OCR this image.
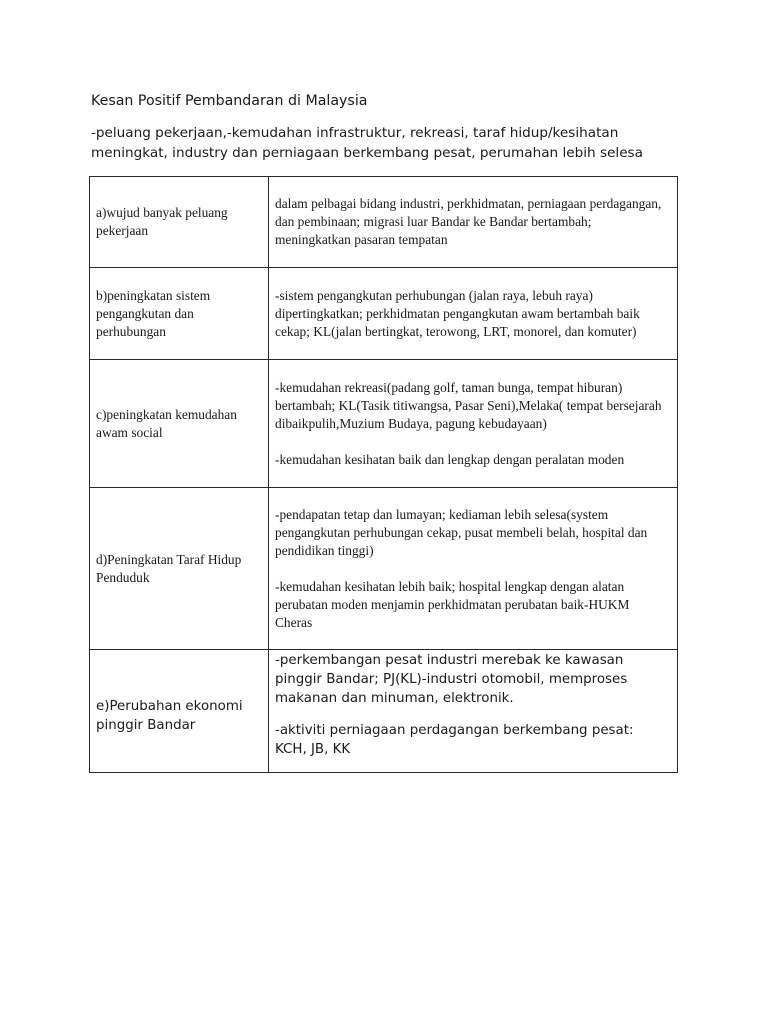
Kesan Positif Pembandaran di Malaysia
-peluang pekerjaan,-kemudahan infrastruktur, rekreasi, taraf hidup/kesihatan
meningkat, industry dan perniagaan berkembang pesat, perumahan lebih selesa
a)wujud banyak peluang pekerjaan	dalam pelbagai bidang industri, perkhidmatan, perniagaan perdagangan, dan pembinaan; migrasi luar Bandar ke Bandar bertambah; meningkatkan pasaran tempatan

b)peningkatan sistem pengangkutan dan perhubungan	-sistem pengangkutan perhubungan (jalan raya, lebuh raya) dipertingkatkan; perkhidmatan pengangkutan awam bertambah baik cekap; KL(jalan bertingkat, terowong, LRT, monorel, dan komuter)

c)peningkatan kemudahan awam social	-kemudahan rekreasi(padang golf, taman bunga, tempat hiburan) bertambah; KL(Tasik titiwangsa, Pasar Seni),Melaka( tempat bersejarah dibaikpulih,Muzium Budaya, pagung kebudayaan)

-kemudahan kesihatan baik dan lengkap dengan peralatan moden

d)Peningkatan Taraf Hidup Penduduk	-pendapatan tetap dan lumayan; kediaman lebih selesa(system pengangkutan perhubungan cekap, pusat membeli belah, hospital dan pendidikan tinggi)

-kemudahan kesihatan lebih baik; hospital lengkap dengan alatan perubatan moden menjamin perkhidmatan perubatan baik-HUKM Cheras

e)Perubahan ekonomi pinggir Bandar	-perkembangan pesat industri merebak ke kawasan pinggir Bandar; PJ(KL)-industri otomobil, memproses makanan dan minuman, elektronik.

-aktiviti perniagaan perdagangan berkembang pesat: KCH, JB, KK
